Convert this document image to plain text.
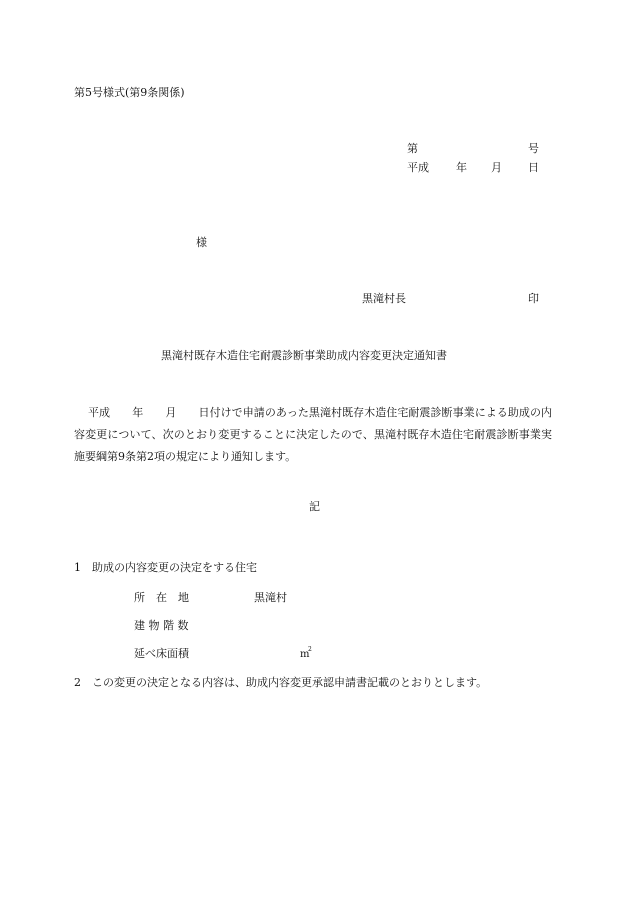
第5号様式(第9条関係)
第	号
平成 年 月 日
様
黒滝村長	印
黒滝村既存木造住宅耐震診断事業助成内容変更決定通知書
平成　　年　　月　　日付けで申請のあった黒滝村既存木造住宅耐震診断事業による助成の内容変更について、次のとおり変更することに決定したので、黒滝村既存木造住宅耐震診断事業実施要綱第9条第2項の規定により通知します。
記
1　助成の内容変更の決定をする住宅
所　在　地	黒滝村
建 物 階 数
延べ床面積	m
2
2　この変更の決定となる内容は、助成内容変更承認申請書記載のとおりとします。
